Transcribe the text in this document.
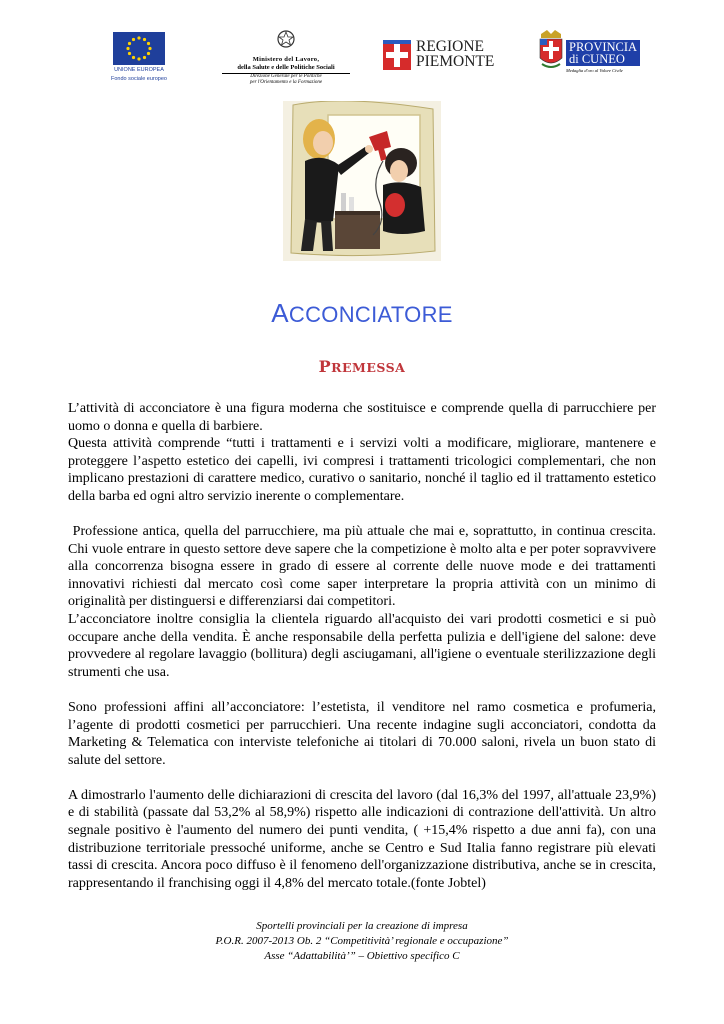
UNIONE EUROPEA
Fondo sociale europeo
Ministero del Lavoro,
della Salute e delle Politiche Sociali
Direzione Generale per le Politiche
per l'Orientamento e la Formazione
REGIONE
PIEMONTE
PROVINCIA
di CUNEO
Medaglia d'oro al Valore Civile
ACCONCIATORE
PREMESSA

L’attività di acconciatore è una figura moderna che sostituisce e comprende quella di parrucchiere per uomo o donna e quella di barbiere.

Questa attività comprende “tutti i trattamenti e i servizi volti a modificare, migliorare, mantenere e proteggere l’aspetto estetico dei capelli, ivi compresi i trattamenti tricologici complementari, che non implicano prestazioni di carattere medico, curativo o sanitario, nonché il taglio ed il trattamento estetico della barba ed ogni altro servizio inerente o complementare.

Professione antica, quella del parrucchiere, ma più attuale che mai e, soprattutto, in continua crescita. Chi vuole entrare in questo settore deve sapere che la competizione è molto alta e per poter sopravvivere alla concorrenza bisogna essere in grado di essere al corrente delle nuove mode e dei trattamenti innovativi richiesti dal mercato così come saper interpretare la propria attività con un minimo di originalità per distinguersi e differenziarsi dai competitori.

L’acconciatore inoltre consiglia la clientela riguardo all'acquisto dei vari prodotti cosmetici e si può occupare anche della vendita. È anche responsabile della perfetta pulizia e dell'igiene del salone: deve provvedere al regolare lavaggio (bollitura) degli asciugamani, all'igiene o eventuale sterilizzazione degli strumenti che usa.

Sono professioni affini all’acconciatore: l’estetista, il venditore nel ramo cosmetica e profumeria, l’agente di prodotti cosmetici per parrucchieri. Una recente indagine sugli acconciatori, condotta da Marketing & Telematica con interviste telefoniche ai titolari di 70.000 saloni, rivela un buon stato di salute del settore.

A dimostrarlo l'aumento delle dichiarazioni di crescita del lavoro (dal 16,3% del 1997, all'attuale 23,9%) e di stabilità (passate dal 53,2% al 58,9%) rispetto alle indicazioni di contrazione dell'attività. Un altro segnale positivo è l'aumento del numero dei punti vendita, ( +15,4% rispetto a due anni fa), con una distribuzione territoriale pressoché uniforme, anche se Centro e Sud Italia fanno registrare più elevati tassi di crescita. Ancora poco diffuso è il fenomeno dell'organizzazione distributiva, anche se in crescita, rappresentando il franchising oggi il 4,8% del mercato totale.(fonte Jobtel)

Sportelli provinciali per la creazione di impresa
P.O.R. 2007-2013 Ob. 2 “Competitività’ regionale e occupazione”
Asse “Adattabilità’” – Obiettivo specifico C
